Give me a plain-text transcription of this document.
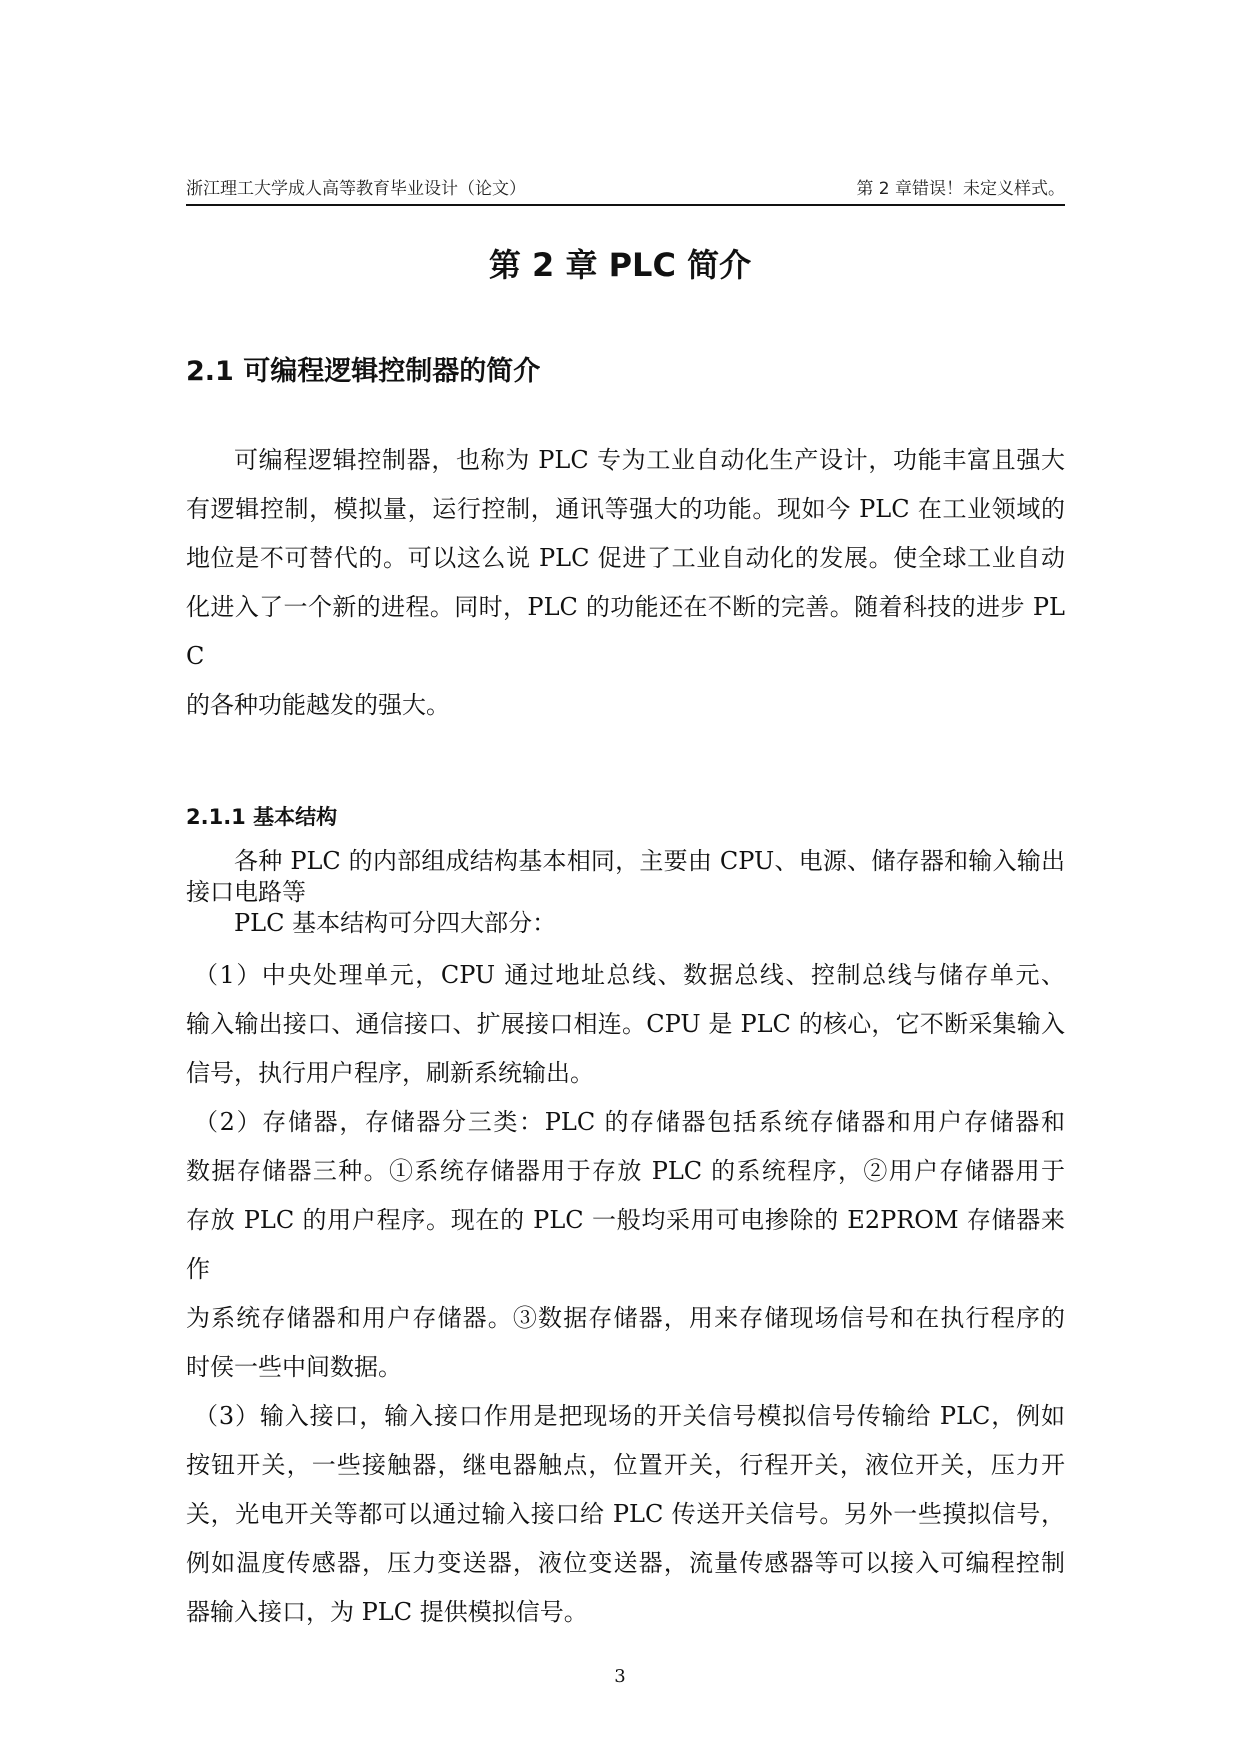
浙江理工大学成人高等教育毕业设计（论文）	第 2 章错误！未定义样式。
第 2 章 PLC 简介
2.1 可编程逻辑控制器的简介
可编程逻辑控制器，也称为 PLC 专为工业自动化生产设计，功能丰富且强大
有逻辑控制，模拟量，运行控制，通讯等强大的功能。现如今 PLC 在工业领域的
地位是不可替代的。可以这么说 PLC 促进了工业自动化的发展。使全球工业自动
化进入了一个新的进程。同时，PLC 的功能还在不断的完善。随着科技的进步 PLC
的各种功能越发的强大。
2.1.1 基本结构
各种 PLC 的内部组成结构基本相同，主要由 CPU、电源、储存器和输入输出
接口电路等
PLC 基本结构可分四大部分：
（1）中央处理单元，CPU 通过地址总线、数据总线、控制总线与储存单元、
输入输出接口、通信接口、扩展接口相连。CPU 是 PLC 的核心，它不断采集输入
信号，执行用户程序，刷新系统输出。
（2）存储器，存储器分三类：PLC 的存储器包括系统存储器和用户存储器和
数据存储器三种。①系统存储器用于存放 PLC 的系统程序，②用户存储器用于
存放 PLC 的用户程序。现在的 PLC 一般均采用可电掺除的 E2PROM 存储器来作
为系统存储器和用户存储器。③数据存储器，用来存储现场信号和在执行程序的
时侯一些中间数据。
（3）输入接口，输入接口作用是把现场的开关信号模拟信号传输给 PLC，例如
按钮开关，一些接触器，继电器触点，位置开关，行程开关，液位开关，压力开
关，光电开关等都可以通过输入接口给 PLC 传送开关信号。另外一些摸拟信号，
例如温度传感器，压力变送器，液位变送器，流量传感器等可以接入可编程控制
器输入接口，为 PLC 提供模拟信号。
3
